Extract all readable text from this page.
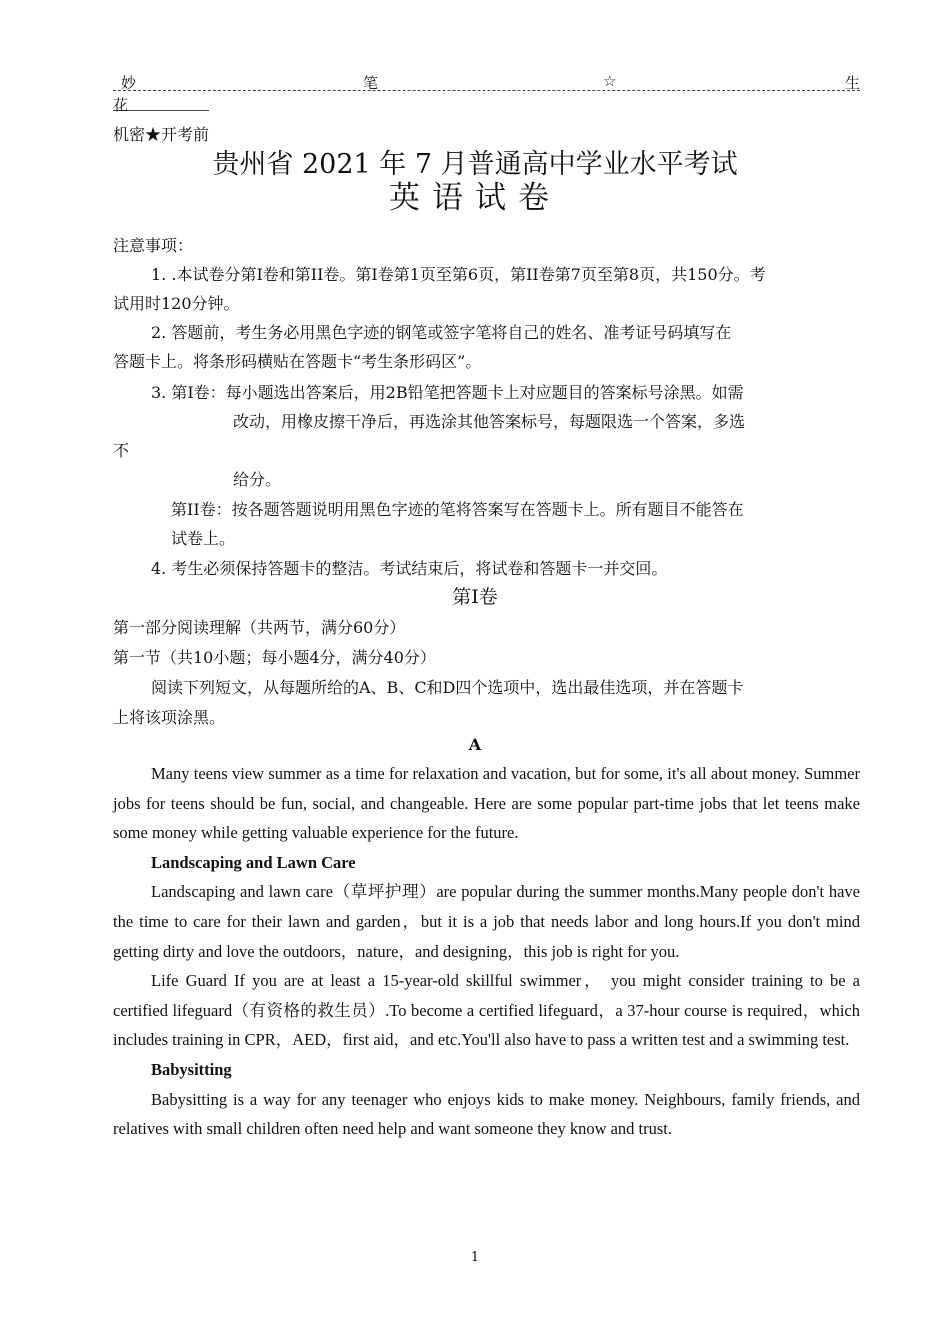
妙	笔	☆	生
花
机密★开考前
贵州省 2021 年 7 月普通高中学业水平考试
英语试卷
注意事项：
1. .本试卷分第I卷和第II卷。第I卷第1页至第6页，第II卷第7页至第8页，共150分。考
试用时120分钟。
2. 答题前，考生务必用黑色字迹的钢笔或签字笔将自己的姓名、准考证号码填写在
答题卡上。将条形码横贴在答题卡“考生条形码区”。
3. 第I卷：每小题选出答案后，用2B铅笔把答题卡上对应题目的答案标号涂黑。如需
改动，用橡皮擦干净后，再选涂其他答案标号，每题限选一个答案，多选
不
给分。
第II卷：按各题答题说明用黑色字迹的笔将答案写在答题卡上。所有题目不能答在
试卷上。
4. 考生必须保持答题卡的整洁。考试结束后，将试卷和答题卡一并交回。
第I卷
第一部分阅读理解（共两节，满分60分）
第一节（共10小题；每小题4分，满分40分）
阅读下列短文，从每题所给的A、B、C和D四个选项中，选出最佳选项，并在答题卡
上将该项涂黑。
A

Many teens view summer as a time for relaxation and vacation, but for some, it's all about money. Summer jobs for teens should be fun, social, and changeable. Here are some popular part-time jobs that let teens make some money while getting valuable experience for the future.

Landscaping and Lawn Care

Landscaping and lawn care（草坪护理）are popular during the summer months.Many people don't have the time to care for their lawn and garden，but it is a job that needs labor and long hours.If you don't mind getting dirty and love the outdoors，nature，and designing，this job is right for you.

Life Guard If you are at least a 15-year-old skillful swimmer， you might consider training to be a certified lifeguard（有资格的救生员）.To become a certified lifeguard，a 37-hour course is required，which includes training in CPR，AED，first aid，and etc.You'll also have to pass a written test and a swimming test.

Babysitting

Babysitting is a way for any teenager who enjoys kids to make money. Neighbours, family friends, and relatives with small children often need help and want someone they know and trust.

1
